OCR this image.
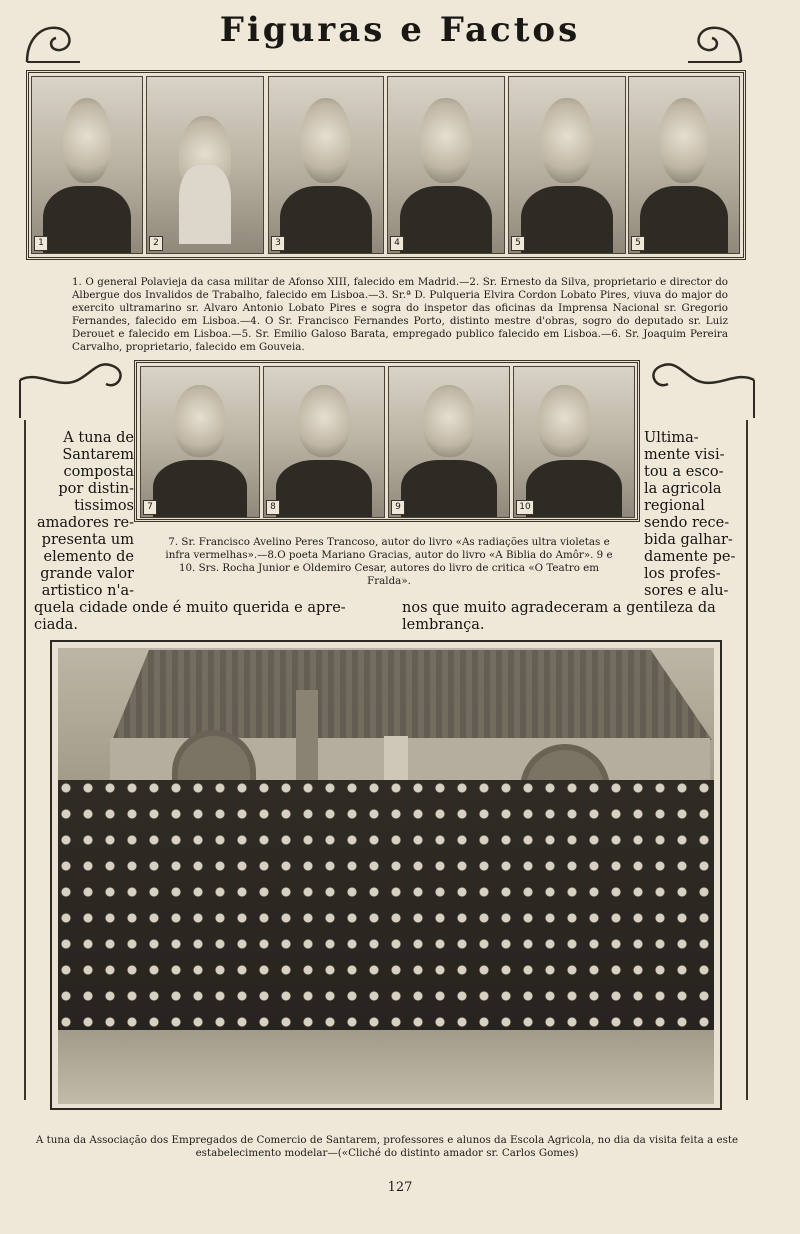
Figuras e Factos
1	2	3	4	5	5
1. O general Polavieja da casa militar de Afonso XIII, falecido em Madrid.—2. Sr. Ernesto da Silva, proprietario e director do Albergue dos Invalidos de Trabalho, falecido em Lisboa.—3. Sr.ª D. Pulqueria Elvira Cordon Lobato Pires, viuva do major do exercito ultramarino sr. Alvaro Antonio Lobato Pires e sogra do inspetor das oficinas da Imprensa Nacional sr. Gregorio Fernandes, falecido em Lisboa.—4. O Sr. Francisco Fernandes Porto, distinto mestre d'obras, sogro do deputado sr. Luiz Derouet e falecido em Lisboa.—5. Sr. Emilio Galoso Barata, empregado publico falecido em Lisboa.—6. Sr. Joaquim Pereira Carvalho, proprietario, falecido em Gouveia.
7	8	9	10
7. Sr. Francisco Avelino Peres Trancoso, autor do livro «As radiações ultra violetas e infra vermelhas».—8.O poeta Mariano Gracias, autor do livro «A Biblia do Amôr». 9 e 10. Srs. Rocha Junior e Oldemiro Cesar, autores do livro de critica «O Teatro em Fralda».
A tuna de
Santarem
composta
por distin-
tissimos
amadores re-
presenta um
elemento de
grande valor
artistico n'a-
quela cidade onde é muito querida e apre-
ciada.
Ultima-
mente visi-
tou a esco-
la agricola
regional
sendo rece-
bida galhar-
damente pe-
los profes-
sores e alu-
nos que muito agradeceram a gentileza da
lembrança.
A tuna da Associação dos Empregados de Comercio de Santarem, professores e alunos da Escola Agricola, no dia da visita feita a este estabelecimento modelar—(«Cliché do distinto amador sr. Carlos Gomes)
127
